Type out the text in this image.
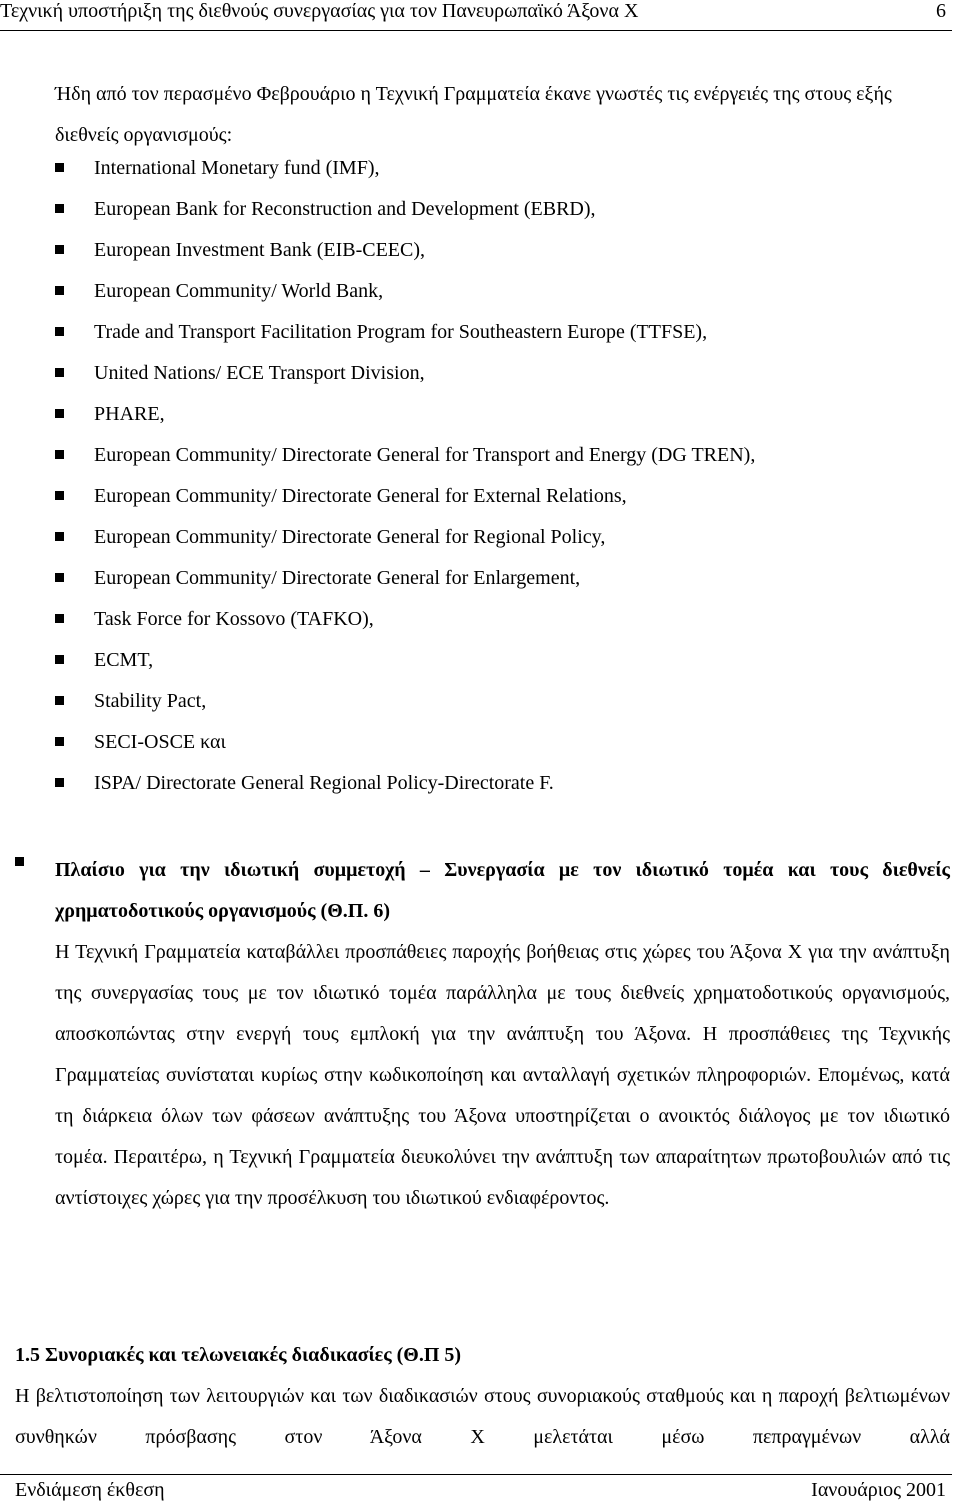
Τεχνική υποστήριξη της διεθνούς συνεργασίας για τον Πανευρωπαϊκό Άξονα Χ	6

Ήδη από τον περασμένο Φεβρουάριο η Τεχνική Γραμματεία έκανε γνωστές τις ενέργειές της στους εξής διεθνείς οργανισμούς:

International Monetary fund (IMF),
European Bank for Reconstruction and Development (EBRD),
European Investment Bank (EIB-CEEC),
European Community/ World Bank,
Trade and Transport Facilitation Program for Southeastern Europe (TTFSE),
United Nations/ ECE Transport Division,
PHARE,
European Community/ Directorate General for Transport and Energy (DG TREN),
European Community/ Directorate General for External Relations,
European Community/ Directorate General for Regional Policy,
European Community/ Directorate General for Enlargement,
Task Force for Kossovo (TAFKO),
ECMT,
Stability Pact,
SECI-OSCE και
ISPA/ Directorate General Regional Policy-Directorate F.

Πλαίσιο για την ιδιωτική συμμετοχή – Συνεργασία με τον ιδιωτικό τομέα και τους διεθνείς χρηματοδοτικούς οργανισμούς (Θ.Π. 6)

Η Τεχνική Γραμματεία καταβάλλει προσπάθειες παροχής βοήθειας στις χώρες του Άξονα Χ για την ανάπτυξη της συνεργασίας τους με τον ιδιωτικό τομέα παράλληλα με τους διεθνείς χρηματοδοτικούς οργανισμούς, αποσκοπώντας στην ενεργή τους εμπλοκή για την ανάπτυξη του Άξονα. Η προσπάθειες της Τεχνικής Γραμματείας συνίσταται κυρίως στην κωδικοποίηση και ανταλλαγή σχετικών πληροφοριών. Επομένως, κατά τη διάρκεια όλων των φάσεων ανάπτυξης του Άξονα υποστηρίζεται ο ανοικτός διάλογος με τον ιδιωτικό τομέα. Περαιτέρω, η Τεχνική Γραμματεία διευκολύνει την ανάπτυξη των απαραίτητων πρωτοβουλιών από τις αντίστοιχες χώρες για την προσέλκυση του ιδιωτικού ενδιαφέροντος.

1.5 Συνοριακές και τελωνειακές διαδικασίες (Θ.Π 5)

Η βελτιστοποίηση των λειτουργιών και των διαδικασιών στους συνοριακούς σταθμούς και η παροχή βελτιωμένων συνθηκών πρόσβασης στον Άξονα Χ μελετάται μέσω πεπραγμένων αλλά

Ενδιάμεση έκθεση	Ιανουάριος 2001
